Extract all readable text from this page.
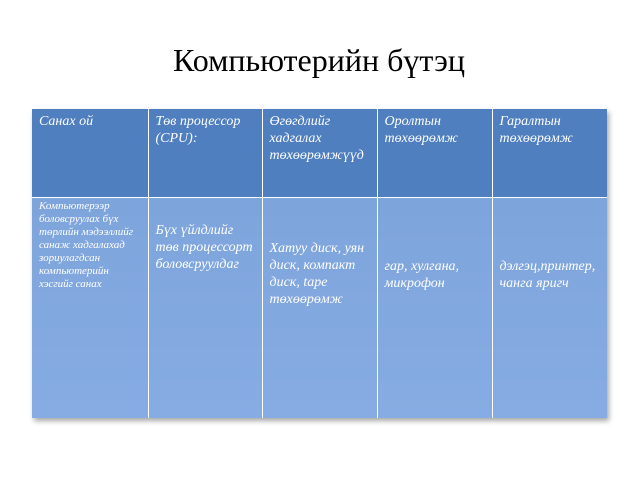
Компьютерийн бүтэц
Санах ой	Төв процессор (CPU):	Өгөгдлийг хадгалах төхөөрөмжүүд	Оролтын төхөөрөмж	Гаралтын төхөөрөмж

Компьютерээр боловсруулах бүх төрлийн мэдээллийг санаж хадгалахад зориулагдсан компьютерийн хэсгийг санах	Бүх үйлдлийг төв процессорт боловсруулдаг	Хатуу диск, уян диск, компакт диск, tape төхөөрөмж	гар, хулгана, микрофон	дэлгэц,принтер, чанга яригч
